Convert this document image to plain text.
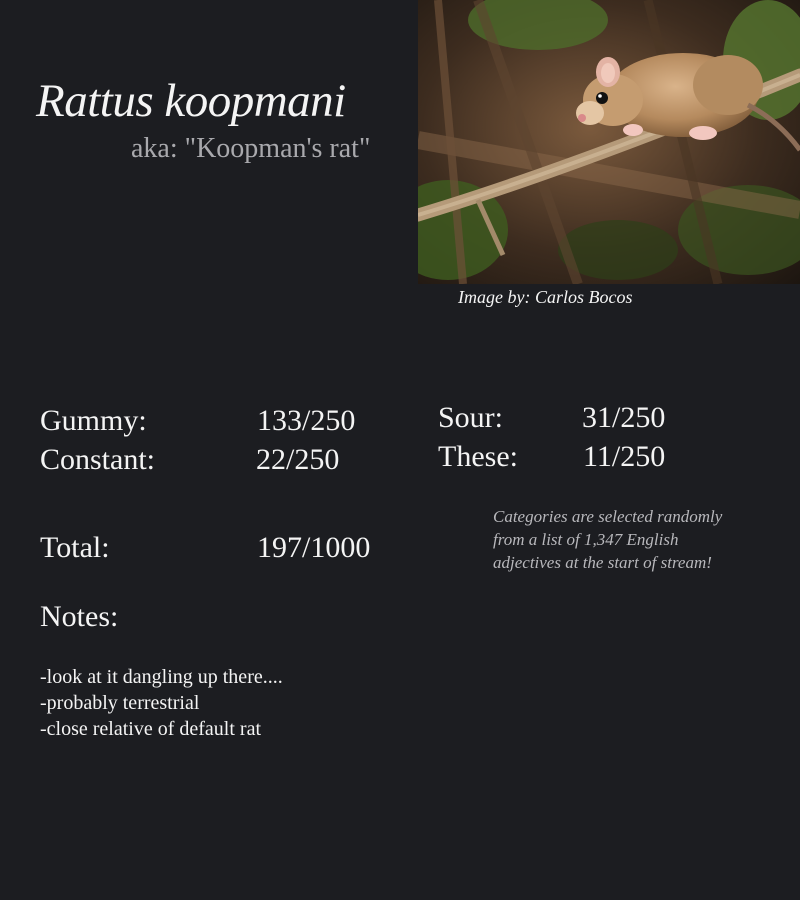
Rattus koopmani
aka: "Koopman's rat"
Image by: Carlos Bocos
Gummy:	133/250
Constant:	22/250
Sour:	31/250
These: 11/250
Total:	197/1000
Categories are selected randomly from a list of 1,347 English adjectives at the start of stream!
Notes:
-look at it dangling up there....
-probably terrestrial
-close relative of default rat
